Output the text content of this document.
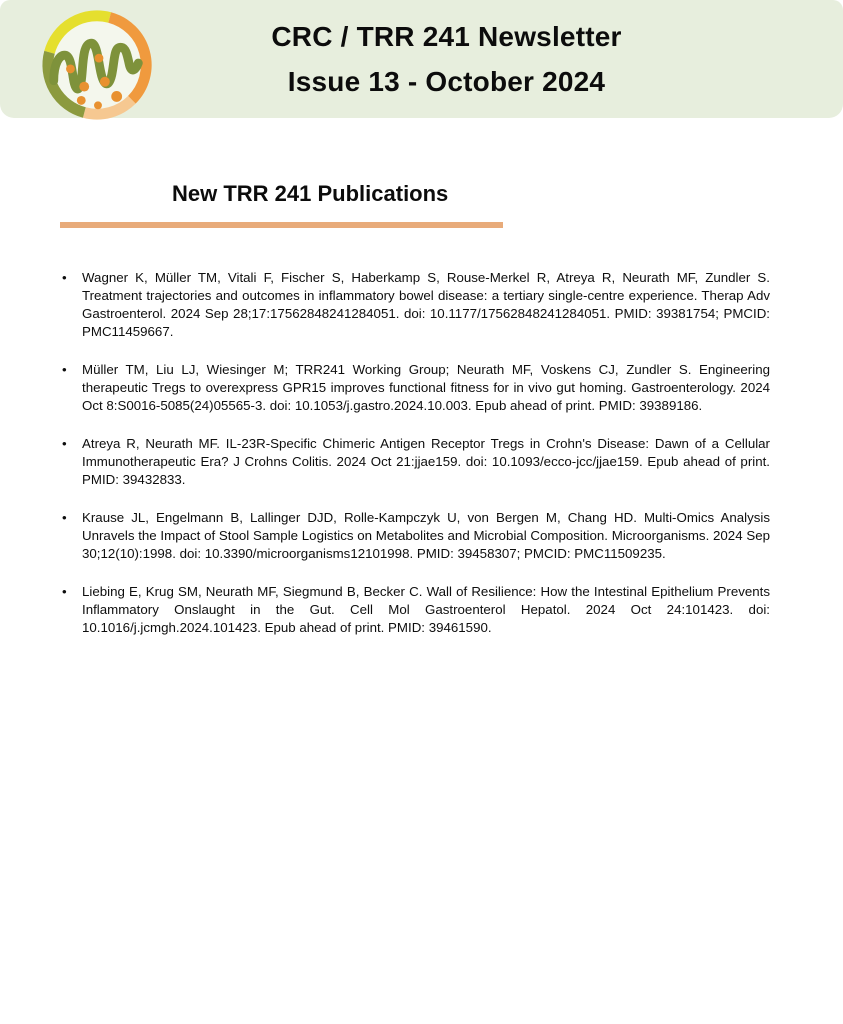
CRC / TRR 241 Newsletter
Issue 13 - October 2024
New TRR 241 Publications
• Wagner K, Müller TM, Vitali F, Fischer S, Haberkamp S, Rouse-Merkel R, Atreya R, Neurath MF, Zundler S. Treatment trajectories and outcomes in inflammatory bowel disease: a tertiary single-centre experience. Therap Adv Gastroenterol. 2024 Sep 28;17:17562848241284051. doi: 10.1177/17562848241284051. PMID: 39381754; PMCID: PMC11459667.
• Müller TM, Liu LJ, Wiesinger M; TRR241 Working Group; Neurath MF, Voskens CJ, Zundler S. Engineering therapeutic Tregs to overexpress GPR15 improves functional fitness for in vivo gut homing. Gastroenterology. 2024 Oct 8:S0016-5085(24)05565-3. doi: 10.1053/j.gastro.2024.10.003. Epub ahead of print. PMID: 39389186.
• Atreya R, Neurath MF. IL-23R-Specific Chimeric Antigen Receptor Tregs in Crohn's Disease: Dawn of a Cellular Immunotherapeutic Era? J Crohns Colitis. 2024 Oct 21:jjae159. doi: 10.1093/ecco-jcc/jjae159. Epub ahead of print. PMID: 39432833.
• Krause JL, Engelmann B, Lallinger DJD, Rolle-Kampczyk U, von Bergen M, Chang HD. Multi-Omics Analysis Unravels the Impact of Stool Sample Logistics on Metabolites and Microbial Composition. Microorganisms. 2024 Sep 30;12(10):1998. doi: 10.3390/microorganisms12101998. PMID: 39458307; PMCID: PMC11509235.
• Liebing E, Krug SM, Neurath MF, Siegmund B, Becker C. Wall of Resilience: How the Intestinal Epithelium Prevents Inflammatory Onslaught in the Gut. Cell Mol Gastroenterol Hepatol. 2024 Oct 24:101423. doi: 10.1016/j.jcmgh.2024.101423. Epub ahead of print. PMID: 39461590.
